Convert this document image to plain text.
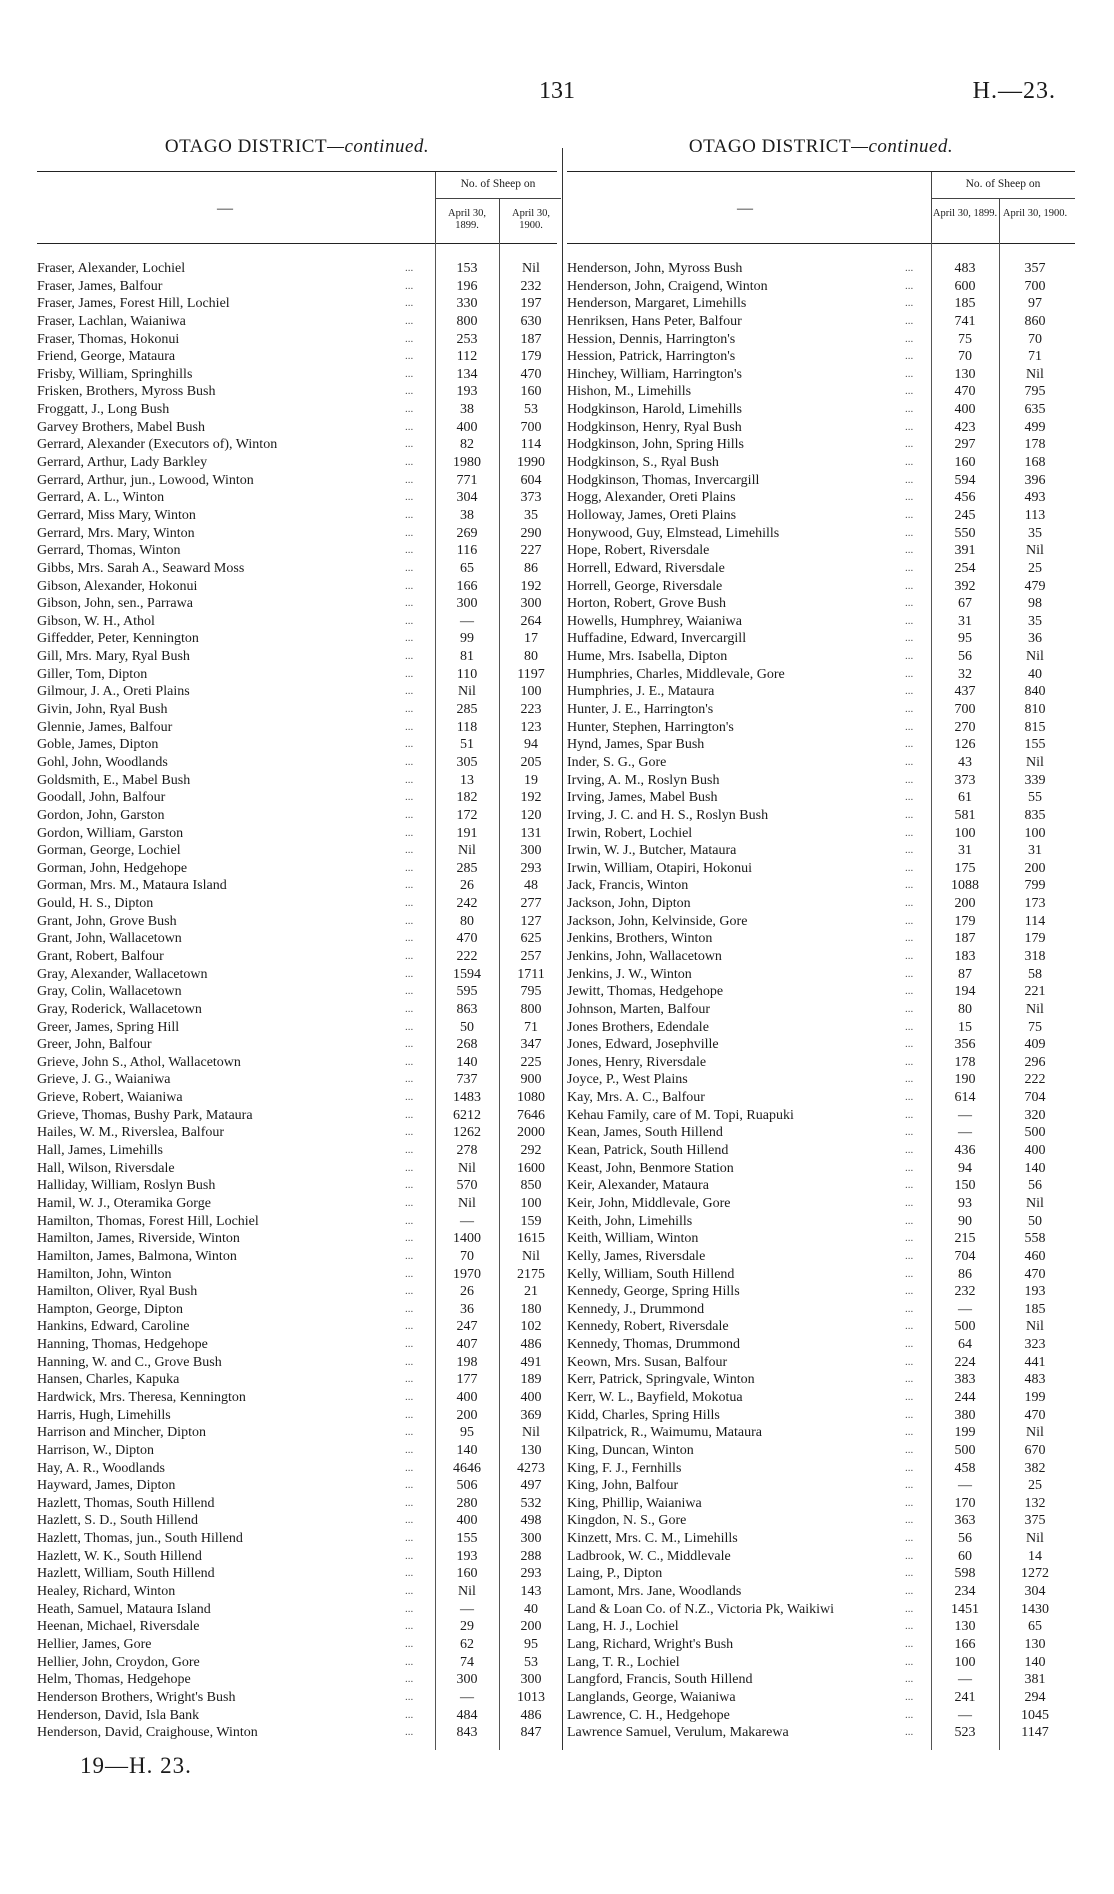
131	H.—23.
OTAGO DISTRICT—continued.
—
No. of Sheep on
April 30, 1899.
April 30, 1900.
Fraser, Alexander, Lochiel	...	153	Nil
Fraser, James, Balfour	...	196	232
Fraser, James, Forest Hill, Lochiel	...	330	197
Fraser, Lachlan, Waianiwa	...	800	630
Fraser, Thomas, Hokonui	...	253	187
Friend, George, Mataura	...	112	179
Frisby, William, Springhills	...	134	470
Frisken, Brothers, Myross Bush	...	193	160
Froggatt, J., Long Bush	...	38	53
Garvey Brothers, Mabel Bush	...	400	700
Gerrard, Alexander (Executors of), Winton	...	82	114
Gerrard, Arthur, Lady Barkley	...	1980	1990
Gerrard, Arthur, jun., Lowood, Winton	...	771	604
Gerrard, A. L., Winton	...	304	373
Gerrard, Miss Mary, Winton	...	38	35
Gerrard, Mrs. Mary, Winton	...	269	290
Gerrard, Thomas, Winton	...	116	227
Gibbs, Mrs. Sarah A., Seaward Moss	...	65	86
Gibson, Alexander, Hokonui	...	166	192
Gibson, John, sen., Parrawa	...	300	300
Gibson, W. H., Athol	...	—	264
Giffedder, Peter, Kennington	...	99	17
Gill, Mrs. Mary, Ryal Bush	...	81	80
Giller, Tom, Dipton	...	110	1197
Gilmour, J. A., Oreti Plains	...	Nil	100
Givin, John, Ryal Bush	...	285	223
Glennie, James, Balfour	...	118	123
Goble, James, Dipton	...	51	94
Gohl, John, Woodlands	...	305	205
Goldsmith, E., Mabel Bush	...	13	19
Goodall, John, Balfour	...	182	192
Gordon, John, Garston	...	172	120
Gordon, William, Garston	...	191	131
Gorman, George, Lochiel	...	Nil	300
Gorman, John, Hedgehope	...	285	293
Gorman, Mrs. M., Mataura Island	...	26	48
Gould, H. S., Dipton	...	242	277
Grant, John, Grove Bush	...	80	127
Grant, John, Wallacetown	...	470	625
Grant, Robert, Balfour	...	222	257
Gray, Alexander, Wallacetown	...	1594	1711
Gray, Colin, Wallacetown	...	595	795
Gray, Roderick, Wallacetown	...	863	800
Greer, James, Spring Hill	...	50	71
Greer, John, Balfour	...	268	347
Grieve, John S., Athol, Wallacetown	...	140	225
Grieve, J. G., Waianiwa	...	737	900
Grieve, Robert, Waianiwa	...	1483	1080
Grieve, Thomas, Bushy Park, Mataura	...	6212	7646
Hailes, W. M., Riverslea, Balfour	...	1262	2000
Hall, James, Limehills	...	278	292
Hall, Wilson, Riversdale	...	Nil	1600
Halliday, William, Roslyn Bush	...	570	850
Hamil, W. J., Oteramika Gorge	...	Nil	100
Hamilton, Thomas, Forest Hill, Lochiel	...	—	159
Hamilton, James, Riverside, Winton	...	1400	1615
Hamilton, James, Balmona, Winton	...	70	Nil
Hamilton, John, Winton	...	1970	2175
Hamilton, Oliver, Ryal Bush	...	26	21
Hampton, George, Dipton	...	36	180
Hankins, Edward, Caroline	...	247	102
Hanning, Thomas, Hedgehope	...	407	486
Hanning, W. and C., Grove Bush	...	198	491
Hansen, Charles, Kapuka	...	177	189
Hardwick, Mrs. Theresa, Kennington	...	400	400
Harris, Hugh, Limehills	...	200	369
Harrison and Mincher, Dipton	...	95	Nil
Harrison, W., Dipton	...	140	130
Hay, A. R., Woodlands	...	4646	4273
Hayward, James, Dipton	...	506	497
Hazlett, Thomas, South Hillend	...	280	532
Hazlett, S. D., South Hillend	...	400	498
Hazlett, Thomas, jun., South Hillend	...	155	300
Hazlett, W. K., South Hillend	...	193	288
Hazlett, William, South Hillend	...	160	293
Healey, Richard, Winton	...	Nil	143
Heath, Samuel, Mataura Island	...	—	40
Heenan, Michael, Riversdale	...	29	200
Hellier, James, Gore	...	62	95
Hellier, John, Croydon, Gore	...	74	53
Helm, Thomas, Hedgehope	...	300	300
Henderson Brothers, Wright's Bush	...	—	1013
Henderson, David, Isla Bank	...	484	486
Henderson, David, Craighouse, Winton	...	843	847
OTAGO DISTRICT—continued.
—
No. of Sheep on
April 30, 1899. April 30, 1900.
Henderson, John, Myross Bush	...	483	357
Henderson, John, Craigend, Winton	...	600	700
Henderson, Margaret, Limehills	...	185	97
Henriksen, Hans Peter, Balfour	...	741	860
Hession, Dennis, Harrington's	...	75	70
Hession, Patrick, Harrington's	...	70	71
Hinchey, William, Harrington's	...	130	Nil
Hishon, M., Limehills	...	470	795
Hodgkinson, Harold, Limehills	...	400	635
Hodgkinson, Henry, Ryal Bush	...	423	499
Hodgkinson, John, Spring Hills	...	297	178
Hodgkinson, S., Ryal Bush	...	160	168
Hodgkinson, Thomas, Invercargill	...	594	396
Hogg, Alexander, Oreti Plains	...	456	493
Holloway, James, Oreti Plains	...	245	113
Honywood, Guy, Elmstead, Limehills	...	550	35
Hope, Robert, Riversdale	...	391	Nil
Horrell, Edward, Riversdale	...	254	25
Horrell, George, Riversdale	...	392	479
Horton, Robert, Grove Bush	...	67	98
Howells, Humphrey, Waianiwa	...	31	35
Huffadine, Edward, Invercargill	...	95	36
Hume, Mrs. Isabella, Dipton	...	56	Nil
Humphries, Charles, Middlevale, Gore	...	32	40
Humphries, J. E., Mataura	...	437	840
Hunter, J. E., Harrington's	...	700	810
Hunter, Stephen, Harrington's	...	270	815
Hynd, James, Spar Bush	...	126	155
Inder, S. G., Gore	...	43	Nil
Irving, A. M., Roslyn Bush	...	373	339
Irving, James, Mabel Bush	...	61	55
Irving, J. C. and H. S., Roslyn Bush	...	581	835
Irwin, Robert, Lochiel	...	100	100
Irwin, W. J., Butcher, Mataura	...	31	31
Irwin, William, Otapiri, Hokonui	...	175	200
Jack, Francis, Winton	...	1088	799
Jackson, John, Dipton	...	200	173
Jackson, John, Kelvinside, Gore	...	179	114
Jenkins, Brothers, Winton	...	187	179
Jenkins, John, Wallacetown	...	183	318
Jenkins, J. W., Winton	...	87	58
Jewitt, Thomas, Hedgehope	...	194	221
Johnson, Marten, Balfour	...	80	Nil
Jones Brothers, Edendale	...	15	75
Jones, Edward, Josephville	...	356	409
Jones, Henry, Riversdale	...	178	296
Joyce, P., West Plains	...	190	222
Kay, Mrs. A. C., Balfour	...	614	704
Kehau Family, care of M. Topi, Ruapuki	...	—	320
Kean, James, South Hillend	...	—	500
Kean, Patrick, South Hillend	...	436	400
Keast, John, Benmore Station	...	94	140
Keir, Alexander, Mataura	...	150	56
Keir, John, Middlevale, Gore	...	93	Nil
Keith, John, Limehills	...	90	50
Keith, William, Winton	...	215	558
Kelly, James, Riversdale	...	704	460
Kelly, William, South Hillend	...	86	470
Kennedy, George, Spring Hills	...	232	193
Kennedy, J., Drummond	...	—	185
Kennedy, Robert, Riversdale	...	500	Nil
Kennedy, Thomas, Drummond	...	64	323
Keown, Mrs. Susan, Balfour	...	224	441
Kerr, Patrick, Springvale, Winton	...	383	483
Kerr, W. L., Bayfield, Mokotua	...	244	199
Kidd, Charles, Spring Hills	...	380	470
Kilpatrick, R., Waimumu, Mataura	...	199	Nil
King, Duncan, Winton	...	500	670
King, F. J., Fernhills	...	458	382
King, John, Balfour	...	—	25
King, Phillip, Waianiwa	...	170	132
Kingdon, N. S., Gore	...	363	375
Kinzett, Mrs. C. M., Limehills	...	56	Nil
Ladbrook, W. C., Middlevale	...	60	14
Laing, P., Dipton	...	598	1272
Lamont, Mrs. Jane, Woodlands	...	234	304
Land & Loan Co. of N.Z., Victoria Pk, Waikiwi	...	1451	1430
Lang, H. J., Lochiel	...	130	65
Lang, Richard, Wright's Bush	...	166	130
Lang, T. R., Lochiel	...	100	140
Langford, Francis, South Hillend	...	—	381
Langlands, George, Waianiwa	...	241	294
Lawrence, C. H., Hedgehope	...	—	1045
Lawrence Samuel, Verulum, Makarewa	...	523	1147
19—H. 23.
